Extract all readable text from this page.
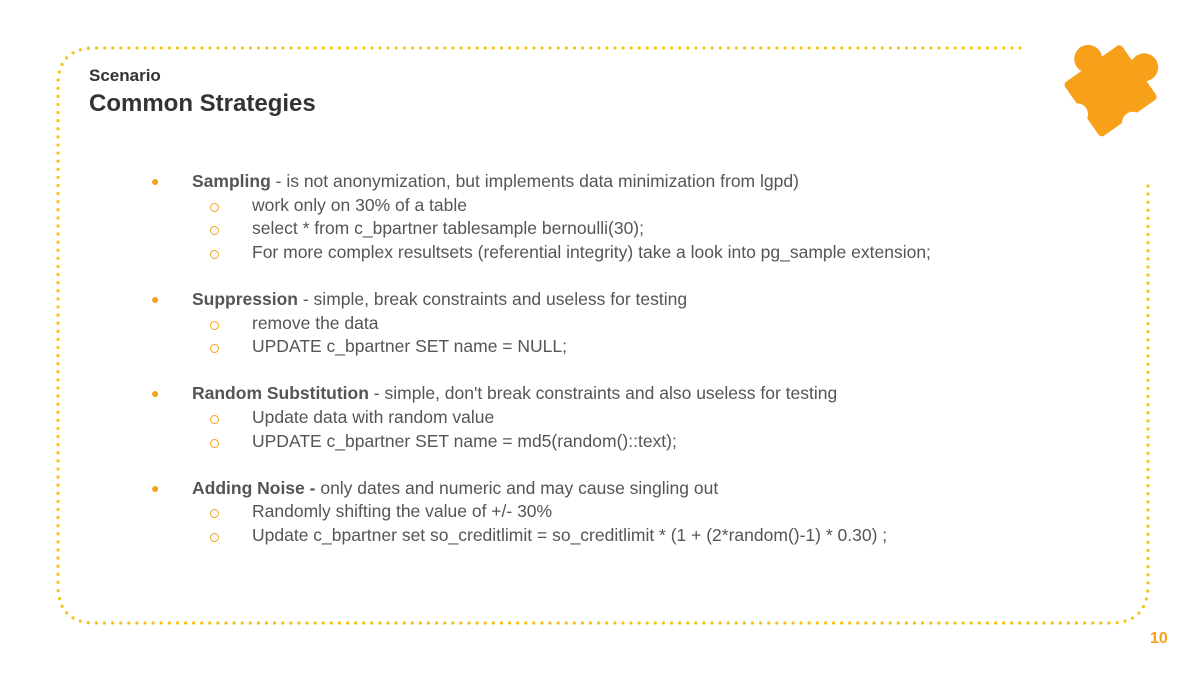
Scenario
Common Strategies
● Sampling - is not anonymization, but implements data minimization from lgpd)
work only on 30% of a table
select * from c_bpartner tablesample bernoulli(30);
For more complex resultsets (referential integrity) take a look into pg_sample extension;
● Suppression - simple, break constraints and useless for testing
remove the data
UPDATE c_bpartner SET name = NULL;
● Random Substitution - simple, don't break constraints and also useless for testing
Update data with random value
UPDATE c_bpartner SET name = md5(random()::text);
● Adding Noise - only dates and numeric and may cause singling out
Randomly shifting the value of +/- 30%
Update c_bpartner set so_creditlimit = so_creditlimit * (1 + (2*random()-1) * 0.30) ;
10
